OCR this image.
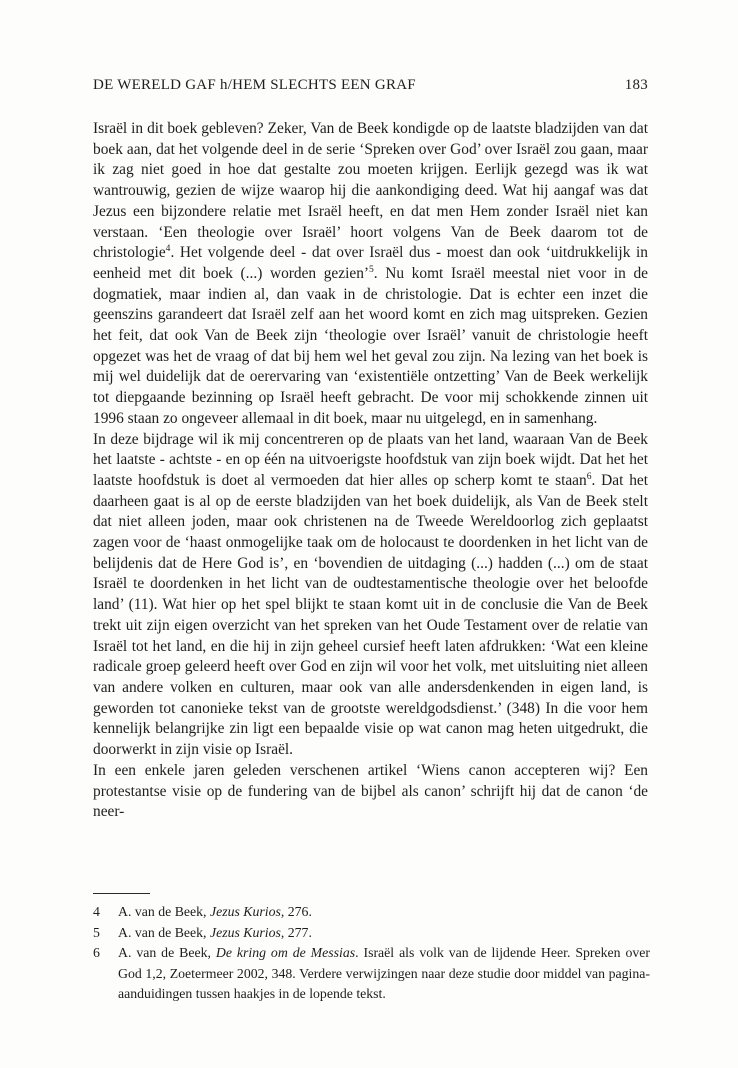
DE WERELD GAF h/HEM SLECHTS EEN GRAF	183

Israël in dit boek gebleven? Zeker, Van de Beek kondigde op de laatste bladzijden van dat boek aan, dat het volgende deel in de serie ‘Spreken over God’ over Israël zou gaan, maar ik zag niet goed in hoe dat gestalte zou moeten krijgen. Eerlijk gezegd was ik wat wantrouwig, gezien de wijze waarop hij die aankondiging deed. Wat hij aangaf was dat Jezus een bijzondere relatie met Israël heeft, en dat men Hem zonder Israël niet kan verstaan. ‘Een theologie over Israël’ hoort volgens Van de Beek daarom tot de christologie$^4$. Het volgende deel - dat over Israël dus - moest dan ook ‘uitdrukkelijk in eenheid met dit boek (...) worden gezien’$^5$. Nu komt Israël meestal niet voor in de dogmatiek, maar indien al, dan vaak in de christologie. Dat is echter een inzet die geenszins garandeert dat Israël zelf aan het woord komt en zich mag uitspreken. Gezien het feit, dat ook Van de Beek zijn ‘theologie over Israël’ vanuit de christologie heeft opgezet was het de vraag of dat bij hem wel het geval zou zijn. Na lezing van het boek is mij wel duidelijk dat de oerervaring van ‘existentiële ontzetting’ Van de Beek werkelijk tot diepgaande bezinning op Israël heeft gebracht. De voor mij schokkende zinnen uit 1996 staan zo ongeveer allemaal in dit boek, maar nu uitgelegd, en in samenhang.

In deze bijdrage wil ik mij concentreren op de plaats van het land, waaraan Van de Beek het laatste - achtste - en op één na uitvoerigste hoofdstuk van zijn boek wijdt. Dat het het laatste hoofdstuk is doet al vermoeden dat hier alles op scherp komt te staan$^6$. Dat het daarheen gaat is al op de eerste bladzijden van het boek duidelijk, als Van de Beek stelt dat niet alleen joden, maar ook christenen na de Tweede Wereldoorlog zich geplaatst zagen voor de ‘haast onmogelijke taak om de holocaust te doordenken in het licht van de belijdenis dat de Here God is’, en ‘bovendien de uitdaging (...) hadden (...) om de staat Israël te doordenken in het licht van de oudtestamentische theologie over het beloofde land’ (11). Wat hier op het spel blijkt te staan komt uit in de conclusie die Van de Beek trekt uit zijn eigen overzicht van het spreken van het Oude Testament over de relatie van Israël tot het land, en die hij in zijn geheel cursief heeft laten afdrukken: ‘Wat een kleine radicale groep geleerd heeft over God en zijn wil voor het volk, met uitsluiting niet alleen van andere volken en culturen, maar ook van alle andersdenkenden in eigen land, is geworden tot canonieke tekst van de grootste wereldgodsdienst.’ (348) In die voor hem kennelijk belangrijke zin ligt een bepaalde visie op wat canon mag heten uitgedrukt, die doorwerkt in zijn visie op Israël.

In een enkele jaren geleden verschenen artikel ‘Wiens canon accepteren wij? Een protestantse visie op de fundering van de bijbel als canon’ schrijft hij dat de canon ‘de neer-

4	A. van de Beek, Jezus Kurios, 276.
5	A. van de Beek, Jezus Kurios, 277.
6	A. van de Beek, De kring om de Messias. Israël als volk van de lijdende Heer. Spreken over God 1,2, Zoetermeer 2002, 348. Verdere verwijzingen naar deze studie door middel van pagina-aanduidingen tussen haakjes in de lopende tekst.
